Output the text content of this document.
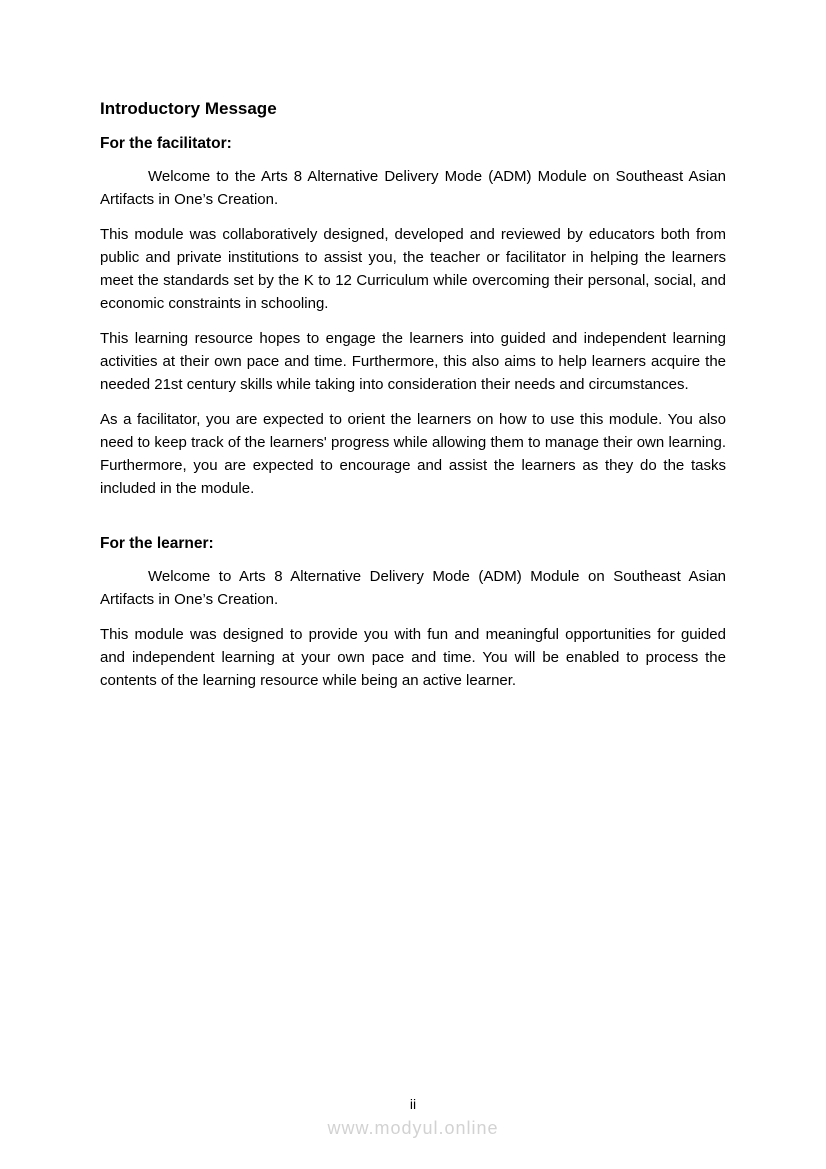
Introductory Message
For the facilitator:

Welcome to the Arts 8 Alternative Delivery Mode (ADM) Module on Southeast Asian Artifacts in One’s Creation.

This module was collaboratively designed, developed and reviewed by educators both from public and private institutions to assist you, the teacher or facilitator in helping the learners meet the standards set by the K to 12 Curriculum while overcoming their personal, social, and economic constraints in schooling.

This learning resource hopes to engage the learners into guided and independent learning activities at their own pace and time. Furthermore, this also aims to help learners acquire the needed 21st century skills while taking into consideration their needs and circumstances.

As a facilitator, you are expected to orient the learners on how to use this module. You also need to keep track of the learners' progress while allowing them to manage their own learning. Furthermore, you are expected to encourage and assist the learners as they do the tasks included in the module.

For the learner:

Welcome to Arts 8 Alternative Delivery Mode (ADM) Module on Southeast Asian Artifacts in One’s Creation.

This module was designed to provide you with fun and meaningful opportunities for guided and independent learning at your own pace and time. You will be enabled to process the contents of the learning resource while being an active learner.

ii
www.modyul.online
